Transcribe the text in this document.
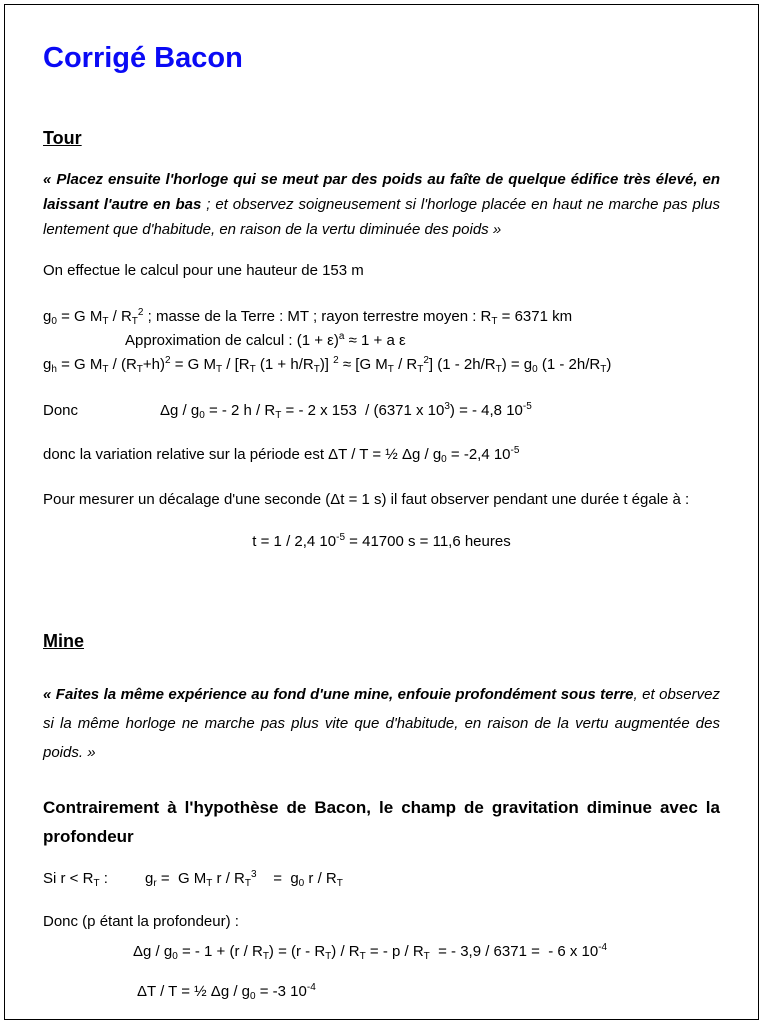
Corrigé Bacon
Tour

« Placez ensuite l'horloge qui se meut par des poids au faîte de quelque édifice très élevé, en laissant l'autre en bas ; et observez soigneusement si l'horloge placée en haut ne marche pas plus lentement que d'habitude, en raison de la vertu diminuée des poids »

On effectue le calcul pour une hauteur de 153 m

$g_0 = G$ $M_T / R_T^2$ ; masse de la Terre : MT ; rayon terrestre moyen : $R_T = 6371$ km

Approximation de calcul : $(1 + \varepsilon)^a \approx 1 + a$ ε

$g_h = G$ $M_T / (R_T+h)^2 = G$ $M_T / [R_T$ $(1 + h/R_T)$] $^2$ ≈ [G $M_T / R_T^2$] $(1 - 2h/R_T) = g_0$ $(1 - 2h/R_T)$

Donc	Δg / $g_0$ = - 2 h / $R_T$ = - 2 x 153  / (6371 x $10^3$) = - 4,8 $10^{-5}$

donc la variation relative sur la période est ΔT / T = ½ $\Delta g / g_0 = -2,4$ $10^{-5}$

Pour mesurer un décalage d'une seconde (Δt = 1 s) il faut observer pendant une durée t égale à :

t = 1 / 2,4 $10^{-5} = 41700$ s = 11,6 heures

Mine

« Faites la même expérience au fond d'une mine, enfouie profondément sous terre, et observez si la même horloge ne marche pas plus vite que d'habitude, en raison de la vertu augmentée des poids. »

Contrairement à l'hypothèse de Bacon, le champ de gravitation diminue avec la profondeur

Si $r < R_T$ : $g_r = G$ $M_T$ r / $R_T^3$    =  $g_0$ r / $R_T$

Donc (p étant la profondeur) :

Δg / $g_0$ = - $1 + (r / R_T) = (r - R_T) / R_T$ = - p / $R_T$  = - 3,9 / 6371 =  - 6 x $10^{-4}$

ΔT / T = ½ $\Delta g / g_0 = -3$ $10^{-4}$
